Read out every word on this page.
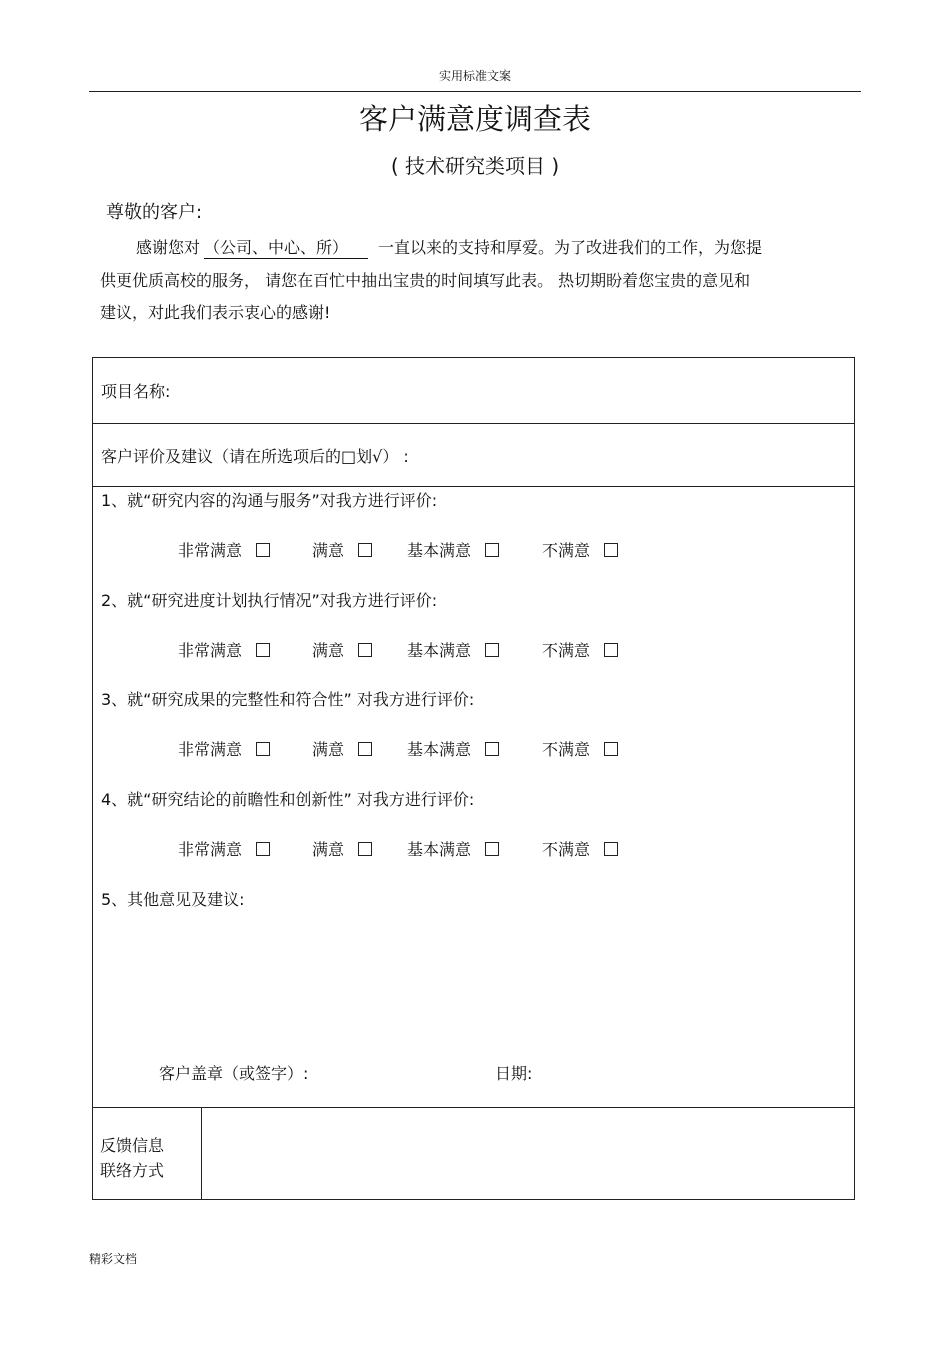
实用标准文案
客户满意度调查表
( 技术研究类项目 )
尊敬的客户:
感谢您对 （公司、中心、所） 一直以来的支持和厚爱。为了改进我们的工作，为您提
供更优质高校的服务， 请您在百忙中抽出宝贵的时间填写此表。 热切期盼着您宝贵的意见和
建议，对此我们表示衷心的感谢!
项目名称:
客户评价及建议（请在所选项后的□划√） :
1、就“研究内容的沟通与服务”对我方进行评价:
非常满意	满意	基本满意	不满意
2、就“研究进度计划执行情况”对我方进行评价:
非常满意	满意	基本满意	不满意
3、就“研究成果的完整性和符合性” 对我方进行评价:
非常满意	满意	基本满意	不满意
4、就“研究结论的前瞻性和创新性” 对我方进行评价:
非常满意	满意	基本满意	不满意
5、其他意见及建议:
客户盖章（或签字）:	日期:
反馈信息
联络方式
精彩文档
